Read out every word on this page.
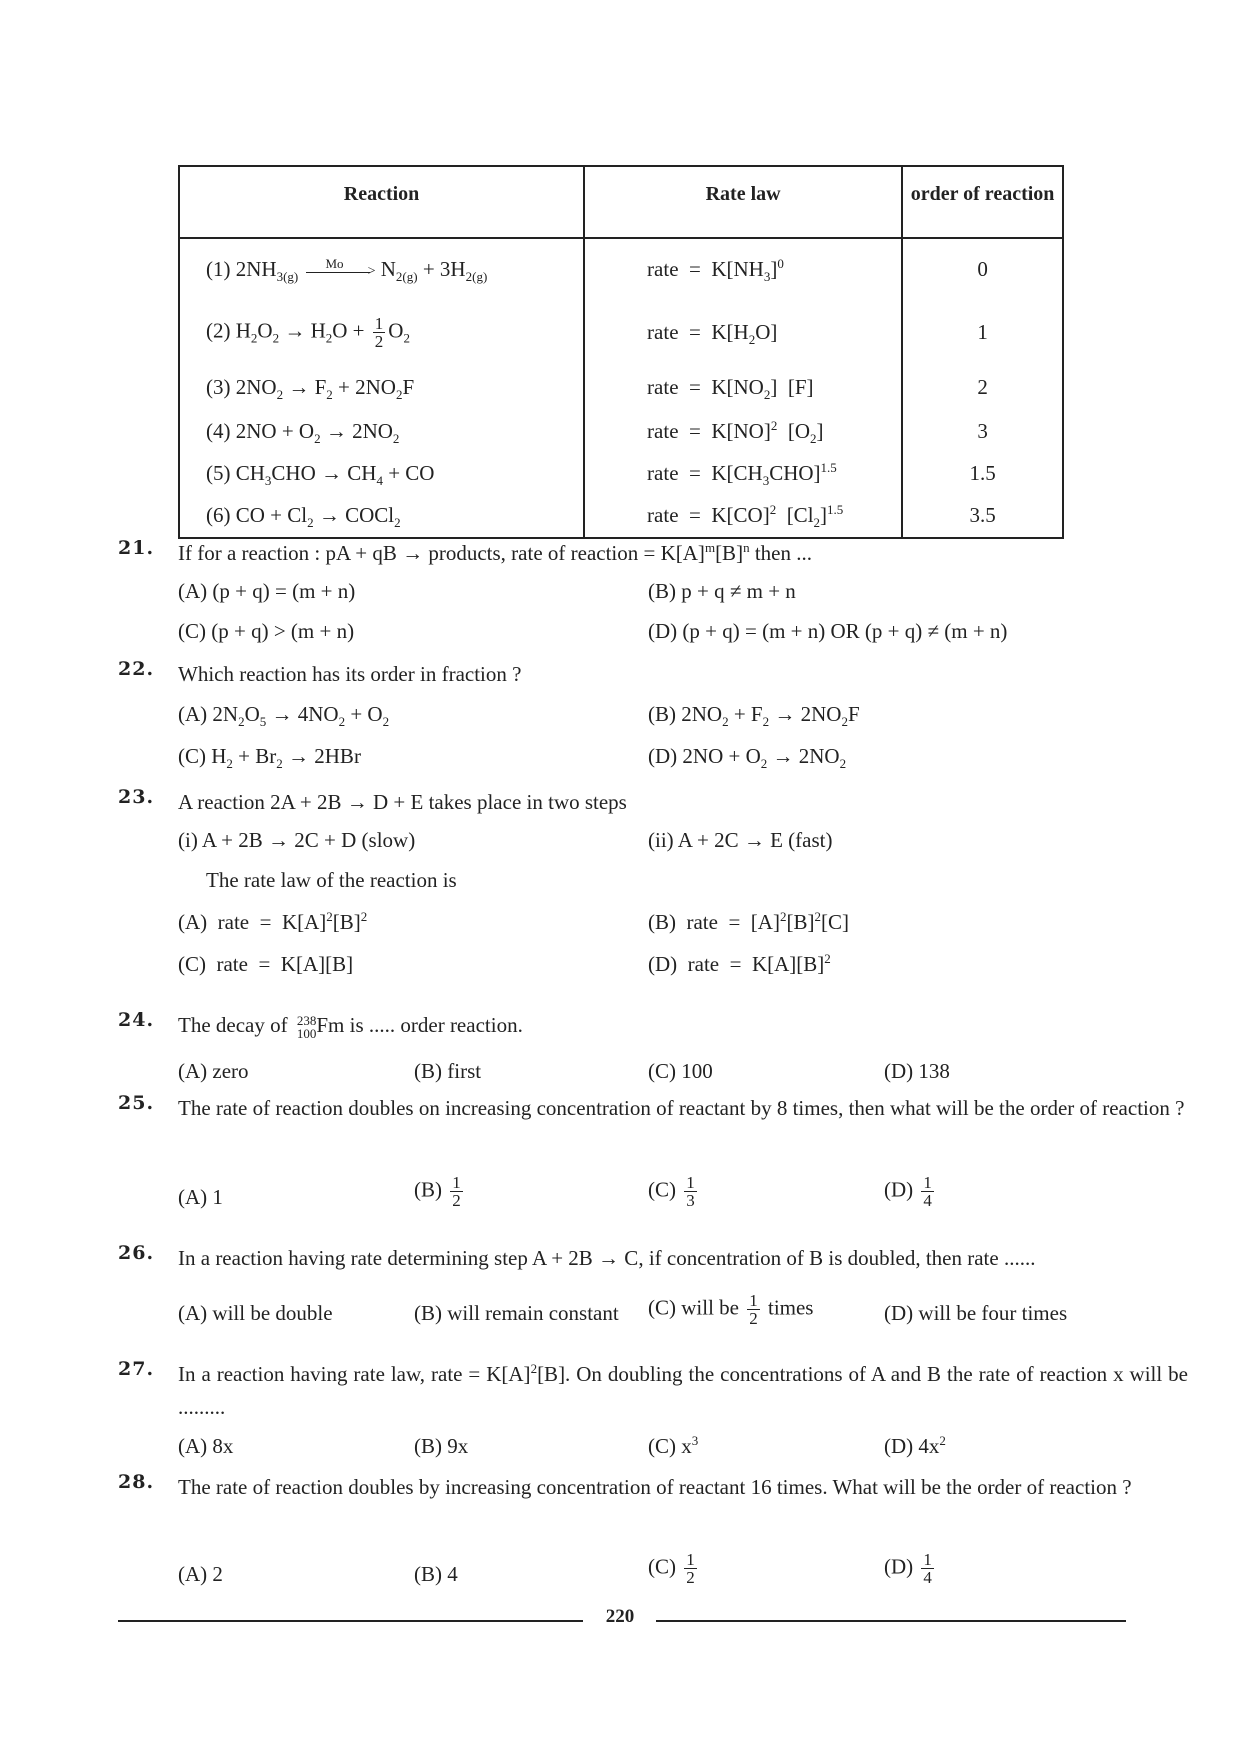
Reaction	Rate law	order of reaction
(1) $2NH_{3(g)}$
Mo
> $N_{2(g)} + 3H_{2(g)}$	rate  =  $K[NH_3]^0$	0
(2) $H_2O_2 \to H_2O + \frac{1}{2} O_2$	rate  =  $K[H_2O]$	1
(3) $2NO_2 \to F_2 + 2NO_2F$	rate  =  $K[NO_2]$  [F]	2
(4) $2NO + O_2 \to 2NO_2$	rate  =  K[NO]$^2$  $[O_2]$	3
(5) $CH_3CHO \to CH_4$ + CO	rate  =  $K[CH_3CHO]^{1.5}$	1.5
(6) CO + $Cl_2$ → COCl$_2$	rate  =  K[CO]$^2$  $[Cl_2]^{1.5}$	3.5
21. If for a reaction : pA + qB → products, rate of reaction = $K[A]^m[B]^n$ then ...
(A) (p + q) = (m + n)	(B) p + q ≠ m + n
(C) (p + q) > (m + n)	(D) (p + q) = (m + n) OR (p + q) ≠ (m + n)
22. Which reaction has its order in fraction ?
(A) $2N_2O_5 \to 4NO_2 + O_2$	(B) $2NO_2 + F_2 \to 2NO_2F$
(C) $H_2 + Br_2 \to 2HBr$	(D) $2NO + O_2 \to 2NO_2$
23. A reaction 2A + 2B → D + E takes place in two steps
(i) A + 2B → 2C + D (slow)	(ii) A + 2C → E (fast)
The rate law of the reaction is
(A)  rate  =  $K[A]^2[B]^2$	(B)  rate  =  $[A]^2[B]^2[C]$
(C)  rate  =  K[A][B]	(D)  rate  =  $K[A][B]^2$
24. The decay of 238
100 Fm is ..... order reaction.
(A) zero	(B) first	(C) 100	(D) 138
25. The rate of reaction doubles on increasing concentration of reactant by 8 times, then what will be the order of reaction ?
(A) 1	$(B) \frac{1}{2}$	$(C) \frac{1}{3}$	$(D) \frac{1}{4}$
26. In a reaction having rate determining step A + 2B → C, if concentration of B is doubled, then rate ......
(A) will be double	(B) will remain constant (C) will be $\frac{1}{2}$ times	(D) will be four times
27. In a reaction having rate law, rate = $K[A]^2[B]$. On doubling the concentrations of A and B the rate of reaction x will be .........
(A) 8x	(B) 9x	(C) $x^3$	(D) $4x^2$
28. The rate of reaction doubles by increasing concentration of reactant 16 times. What will be the order of reaction ?
(A) 2	(B) 4	$(C) \frac{1}{2}$	$(D) \frac{1}{4}$
220
